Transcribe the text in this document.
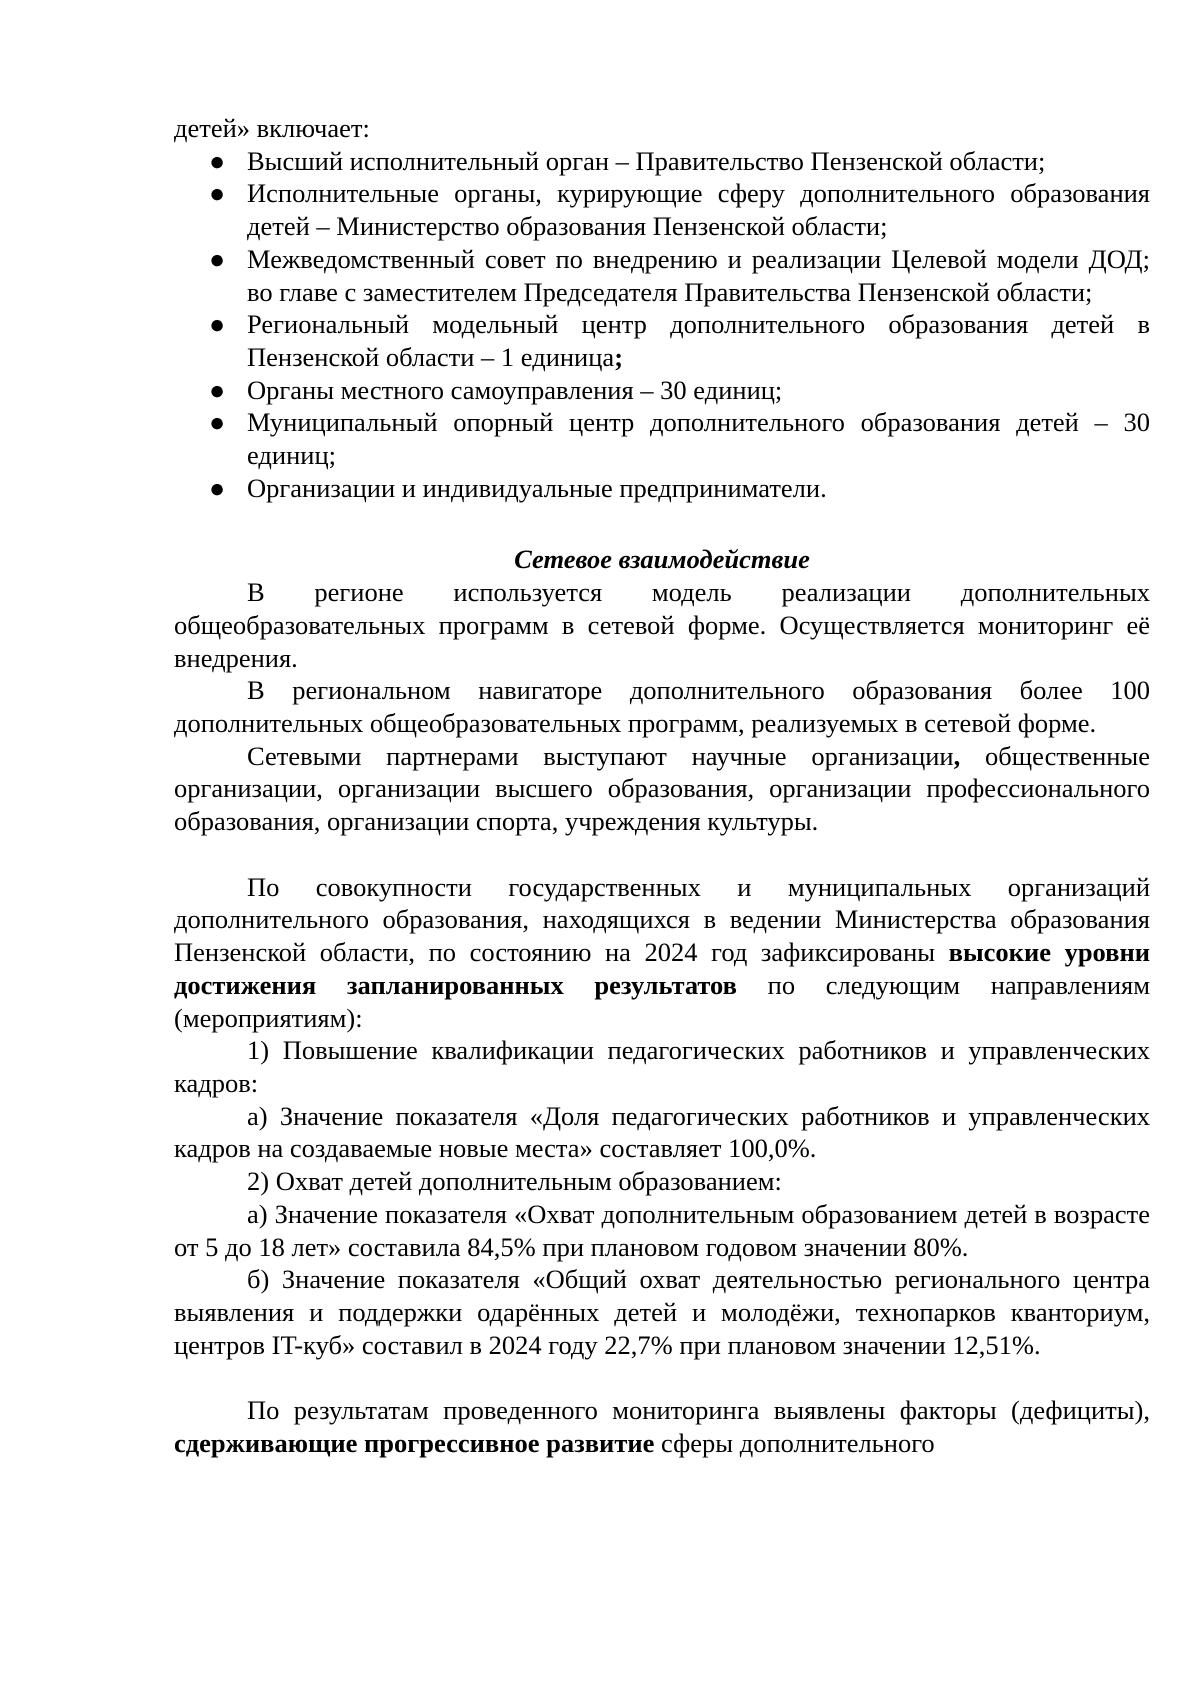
детей» включает:

● Высший исполнительный орган – Правительство Пензенской области;
● Исполнительные органы, курирующие сферу дополнительного образования детей – Министерство образования Пензенской области;
● Межведомственный совет по внедрению и реализации Целевой модели ДОД; во главе с заместителем Председателя Правительства Пензенской области;
● Региональный модельный центр дополнительного образования детей в Пензенской области – 1 единица;
● Органы местного самоуправления – 30 единиц;
● Муниципальный опорный центр дополнительного образования детей – 30 единиц;
● Организации и индивидуальные предприниматели.
Сетевое взаимодействие

В регионе используется модель реализации дополнительных общеобразовательных программ в сетевой форме. Осуществляется мониторинг её внедрения.

В региональном навигаторе дополнительного образования более 100 дополнительных общеобразовательных программ, реализуемых в сетевой форме.

Сетевыми партнерами выступают научные организации, общественные организации, организации высшего образования, организации профессионального образования, организации спорта, учреждения культуры.

По совокупности государственных и муниципальных организаций дополнительного образования, находящихся в ведении Министерства образования Пензенской области, по состоянию на 2024 год зафиксированы высокие уровни достижения запланированных результатов по следующим направлениям (мероприятиям):

1) Повышение квалификации педагогических работников и управленческих кадров:

а) Значение показателя «Доля педагогических работников и управленческих кадров на создаваемые новые места» составляет 100,0%.

2) Охват детей дополнительным образованием:

а) Значение показателя «Охват дополнительным образованием детей в возрасте от 5 до 18 лет» составила 84,5% при плановом годовом значении 80%.

б) Значение показателя «Общий охват деятельностью регионального центра выявления и поддержки одарённых детей и молодёжи, технопарков кванториум, центров IT-куб» составил в 2024 году 22,7% при плановом значении 12,51%.

По результатам проведенного мониторинга выявлены факторы (дефициты), сдерживающие прогрессивное развитие сферы дополнительного
